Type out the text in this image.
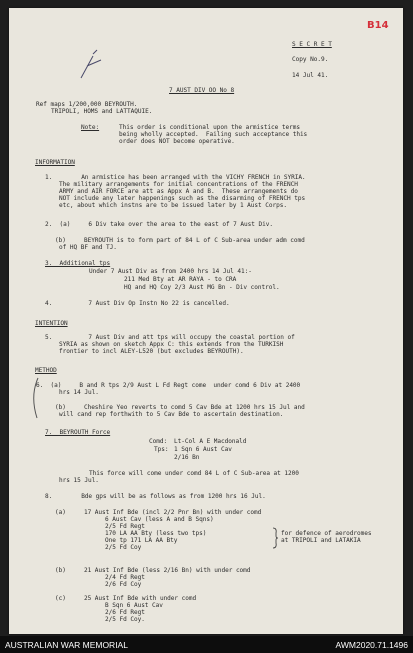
B14
S E C R E T
Copy No.9.
14 Jul 41.
7 AUST DIV OO No 8
Ref maps 1/200,000 BEYROUTH.
TRIPOLI, HOMS and LATTAQUIE.
Note:	This order is conditional upon the armistice terms
being wholly accepted.  Failing such acceptance this
order does NOT become operative.
INFORMATION
1.        An armistice has been arranged with the VICHY FRENCH in SYRIA.
The military arrangements for initial concentrations of the FRENCH
ARMY and AIR FORCE are att as Appx A and B.  These arrangements do
NOT include any later happenings such as the disarming of FRENCH tps
etc, about which instns are to be issued later by 1 Aust Corps.
2.  (a)     6 Div take over the area to the east of 7 Aust Div.
(b)     BEYROUTH is to form part of 84 L of C Sub-area under adm comd
of HQ BF and TJ.
3.  Additional tps
Under 7 Aust Div as from 2400 hrs 14 Jul 41:-
211 Med Bty at AR RAYA - to CRA
HQ and HQ Coy 2/3 Aust MG Bn - Div control.
4.          7 Aust Div Op Instn No 22 is cancelled.
INTENTION
5.          7 Aust Div and att tps will occupy the coastal portion of
SYRIA as shown on sketch Appx C: this extends from the TURKISH
frontier to incl ALEY-L520 (but excludes BEYROUTH).
METHOD
6.  (a)     B and R tps 2/9 Aust L Fd Regt come  under comd 6 Div at 2400
hrs 14 Jul.
(b)     Cheshire Yeo reverts to comd 5 Cav Bde at 1200 hrs 15 Jul and
will cand rep forthwith to 5 Cav Bde to ascertain destination.
7.  BEYROUTH Force
Comd: Lt-Col A E Macdonald
Tps: 1 Sqn 6 Aust Cav
2/16 Bn
This force will come under comd 84 L of C Sub-area at 1200
hrs 15 Jul.
8.        Bde gps will be as follows as from 1200 hrs 16 Jul.
(a)     17 Aust Inf Bde (incl 2/2 Pnr Bn) with under comd
6 Aust Cav (less A and B Sqns)
2/5 Fd Regt
170 LA AA Bty (less two tps)
One tp 171 LA AA Bty
2/5 Fd Coy
for defence of aerodromes
at TRIPOLI and LATAKIA
(b)     21 Aust Inf Bde (less 2/16 Bn) with under comd
2/4 Fd Regt
2/6 Fd Coy
(c)     25 Aust Inf Bde with under comd
B Sqn 6 Aust Cav
2/6 Fd Regt
2/5 Fd Coy.
AUSTRALIAN WAR MEMORIAL	AWM2020.71.1496
